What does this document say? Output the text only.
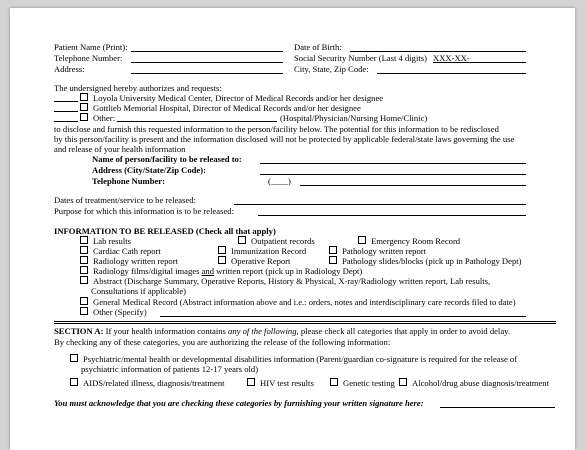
Patient Name (Print):	Date of Birth:
Telephone Number:	Social Security Number (Last 4 digits) XXX-XX-
Address:	City, State, Zip Code:
The undersigned hereby authorizes and requests:
Loyola University Medical Center, Director of Medical Records and/or her designee
Gottlieb Memorial Hospital, Director of Medical Records and/or her designee
Other:	(Hospital/Physician/Nursing Home/Clinic)
to disclose and furnish this requested information to the person/facility below. The potential for this information to be redisclosed
by this person/facility is present and the information disclosed will not be protected by applicable federal/state laws governing the use
and release of your health information
Name of person/facility to be released to:
Address (City/State/Zip Code):
Telephone Number:	(____)
Dates of treatment/service to be released:
Purpose for which this information is to be released:
INFORMATION TO BE RELEASED (Check all that apply)
Lab results	Outpatient records	Emergency Room Record
Cardiac Cath report	Immunization Record	Pathology written report
Radiology written report	Operative Report	Pathology slides/blocks (pick up in Pathology Dept)
Radiology films/digital images and written report (pick up in Radiology Dept)
Abstract (Discharge Summary, Operative Reports, History & Physical, X-ray/Radiology written report, Lab results,
Consultations if applicable)
General Medical Record (Abstract information above and i.e.: orders, notes and interdisciplinary care records filed to date)
Other (Specify)
SECTION A: If your health information contains any of the following, please check all categories that apply in order to avoid delay.
By checking any of these categories, you are authorizing the release of the following information:
Psychiatric/mental health or developmental disabilities information (Parent/guardian co-signature is required for the release of
psychiatric information of patients 12-17 years old)
AIDS/related illness, diagnosis/treatment	HIV test results	Genetic testing	Alcohol/drug abuse diagnosis/treatment
You must acknowledge that you are checking these categories by furnishing your written signature here:
